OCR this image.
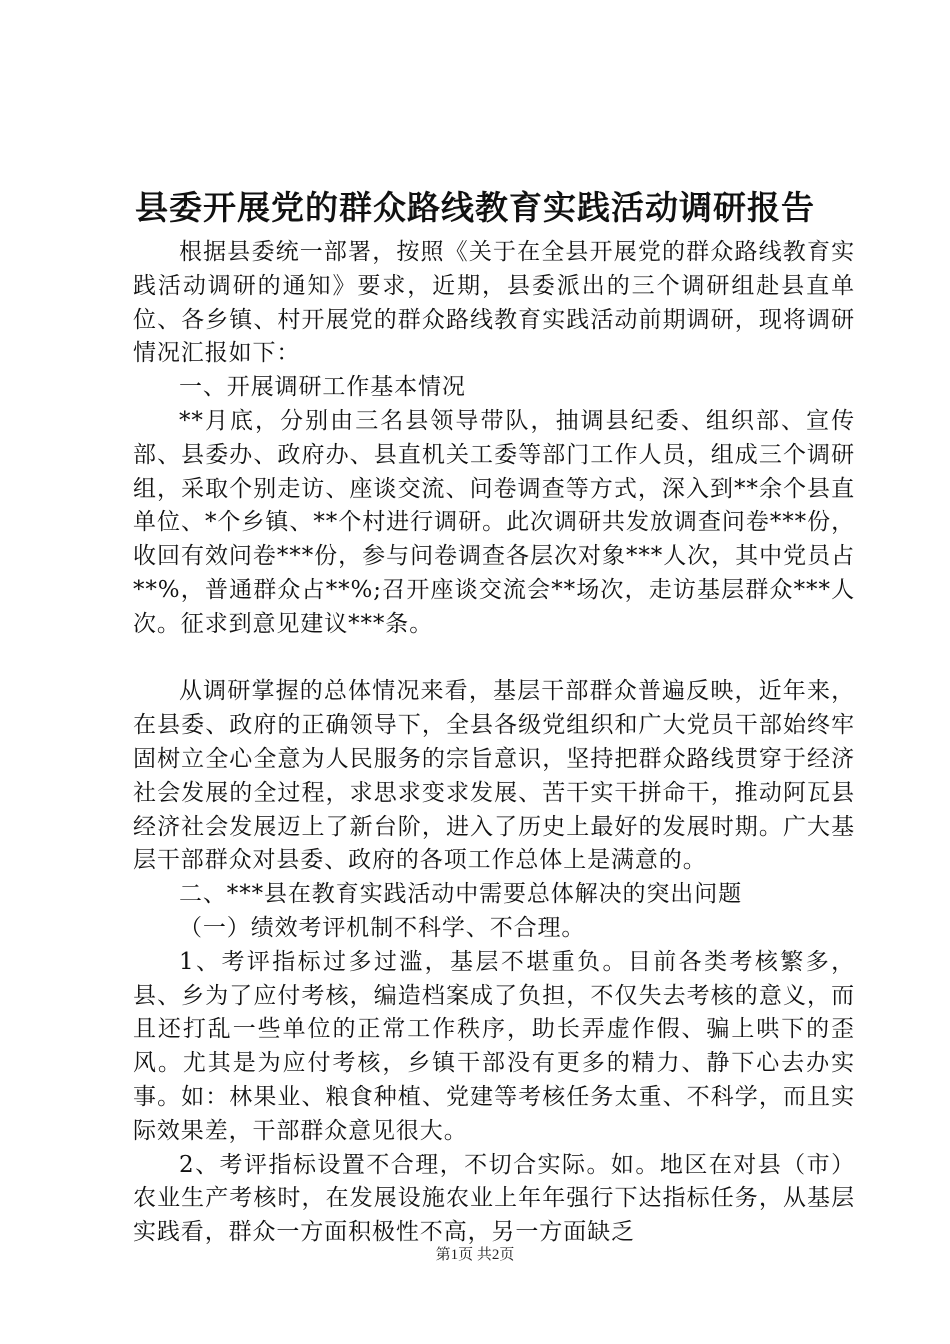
县委开展党的群众路线教育实践活动调研报告

根据县委统一部署，按照《关于在全县开展党的群众路线教育实践活动调研的通知》要求，近期，县委派出的三个调研组赴县直单位、各乡镇、村开展党的群众路线教育实践活动前期调研，现将调研情况汇报如下：

一、开展调研工作基本情况

**月底，分别由三名县领导带队，抽调县纪委、组织部、宣传部、县委办、政府办、县直机关工委等部门工作人员，组成三个调研组，采取个别走访、座谈交流、问卷调查等方式，深入到**余个县直单位、*个乡镇、**个村进行调研。此次调研共发放调查问卷***份，收回有效问卷***份，参与问卷调查各层次对象***人次，其中党员占**%，普通群众占**%;召开座谈交流会**场次，走访基层群众***人次。征求到意见建议***条。

从调研掌握的总体情况来看，基层干部群众普遍反映，近年来，在县委、政府的正确领导下，全县各级党组织和广大党员干部始终牢固树立全心全意为人民服务的宗旨意识，坚持把群众路线贯穿于经济社会发展的全过程，求思求变求发展、苦干实干拼命干，推动阿瓦县经济社会发展迈上了新台阶，进入了历史上最好的发展时期。广大基层干部群众对县委、政府的各项工作总体上是满意的。

二、***县在教育实践活动中需要总体解决的突出问题

（一）绩效考评机制不科学、不合理。

1、考评指标过多过滥，基层不堪重负。目前各类考核繁多，县、乡为了应付考核，编造档案成了负担，不仅失去考核的意义，而且还打乱一些单位的正常工作秩序，助长弄虚作假、骗上哄下的歪风。尤其是为应付考核，乡镇干部没有更多的精力、静下心去办实事。如：林果业、粮食种植、党建等考核任务太重、不科学，而且实际效果差，干部群众意见很大。

2、考评指标设置不合理，不切合实际。如。地区在对县（市）农业生产考核时，在发展设施农业上年年强行下达指标任务，从基层实践看，群众一方面积极性不高，另一方面缺乏

第1页 共2页
